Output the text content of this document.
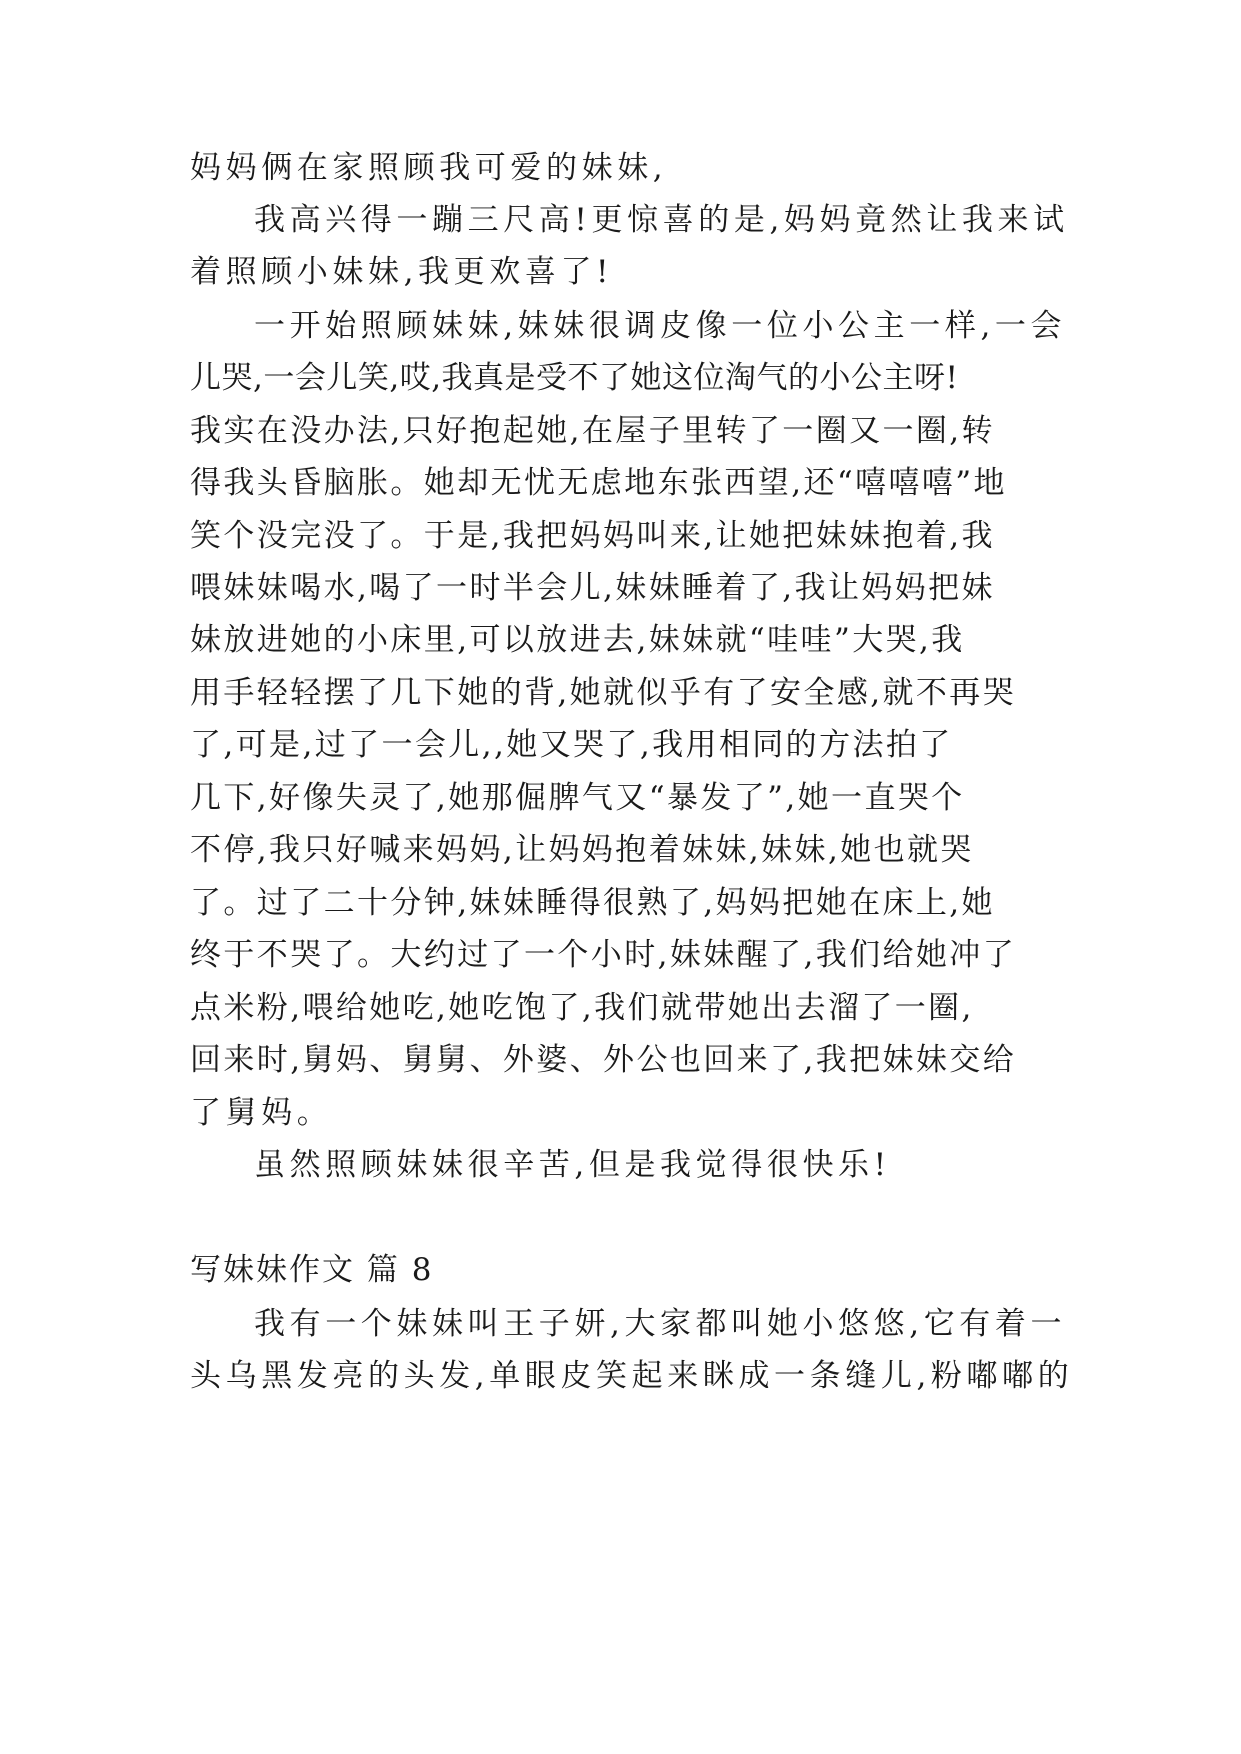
妈妈俩在家照顾我可爱的妹妹,
我高兴得一蹦三尺高!更惊喜的是,妈妈竟然让我来试
着照顾小妹妹,我更欢喜了!
一开始照顾妹妹,妹妹很调皮像一位小公主一样,一会
儿哭,一会儿笑,哎,我真是受不了她这位淘气的小公主呀!
我实在没办法,只好抱起她,在屋子里转了一圈又一圈,转
得我头昏脑胀。她却无忧无虑地东张西望,还“嘻嘻嘻”地
笑个没完没了。于是,我把妈妈叫来,让她把妹妹抱着,我
喂妹妹喝水,喝了一时半会儿,妹妹睡着了,我让妈妈把妹
妹放进她的小床里,可以放进去,妹妹就“哇哇”大哭,我
用手轻轻摆了几下她的背,她就似乎有了安全感,就不再哭
了,可是,过了一会儿,,她又哭了,我用相同的方法拍了
几下,好像失灵了,她那倔脾气又“暴发了”,她一直哭个
不停,我只好喊来妈妈,让妈妈抱着妹妹,妹妹,她也就哭
了。过了二十分钟,妹妹睡得很熟了,妈妈把她在床上,她
终于不哭了。大约过了一个小时,妹妹醒了,我们给她冲了
点米粉,喂给她吃,她吃饱了,我们就带她出去溜了一圈,
回来时,舅妈、舅舅、外婆、外公也回来了,我把妹妹交给
了舅妈。
虽然照顾妹妹很辛苦,但是我觉得很快乐!
写妹妹作文 篇 8
我有一个妹妹叫王子妍,大家都叫她小悠悠,它有着一
头乌黑发亮的头发,单眼皮笑起来眯成一条缝儿,粉嘟嘟的
